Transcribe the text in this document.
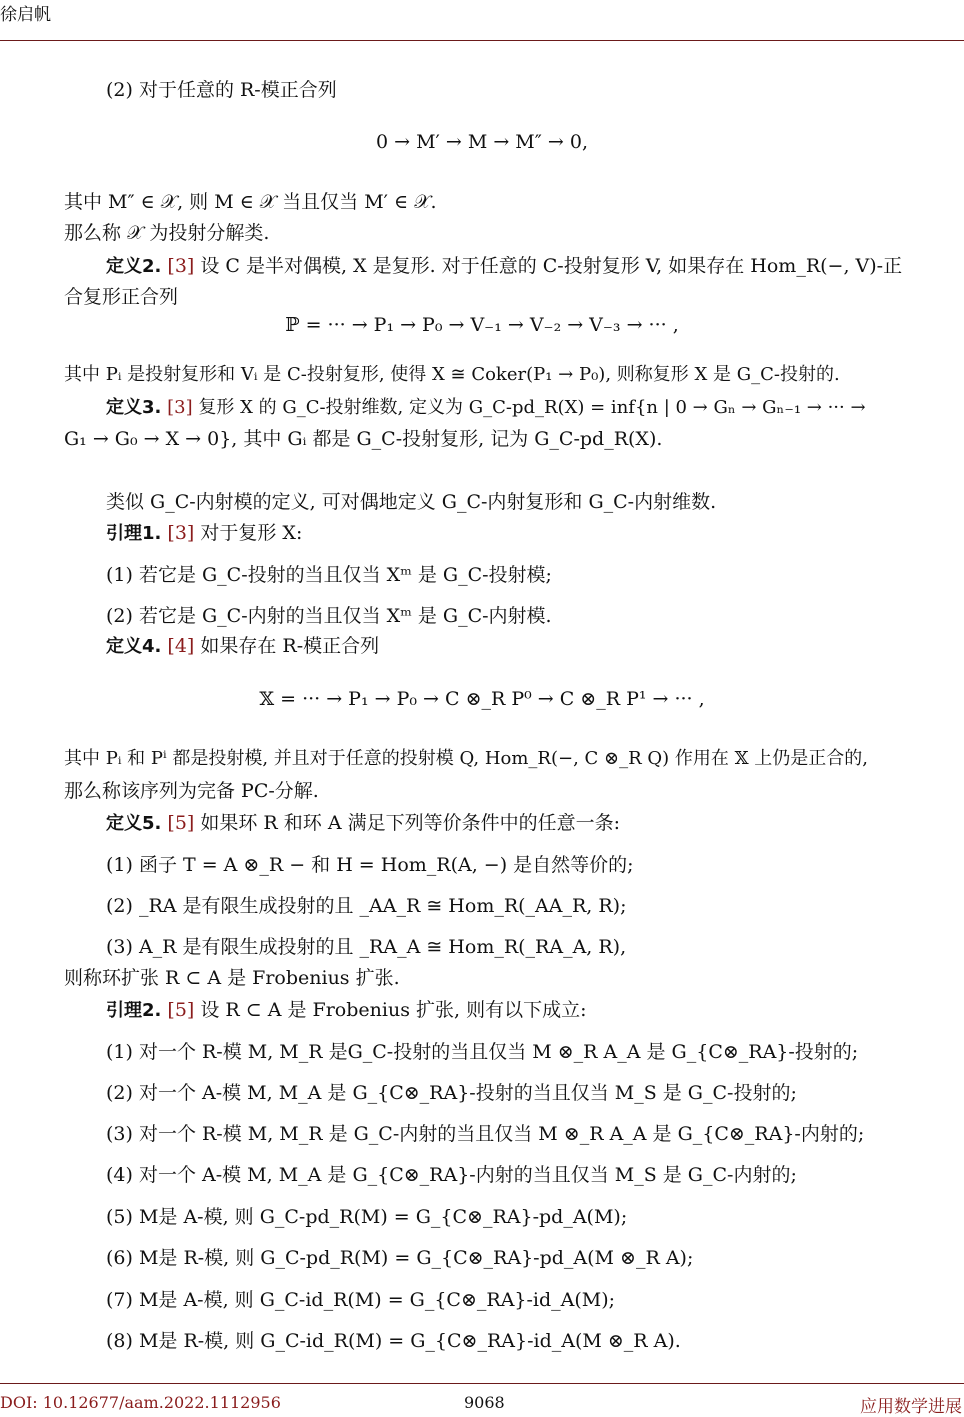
徐启帆
(2) 对于任意的 R-模正合列
0 → M′ → M → M″ → 0,
其中 M″ ∈ 𝒳, 则 M ∈ 𝒳 当且仅当 M′ ∈ 𝒳.
那么称 𝒳 为投射分解类.
定义2. [3] 设 C 是半对偶模, X 是复形. 对于任意的 C-投射复形 V, 如果存在 Hom_R(−, V)-正
合复形正合列
ℙ = ··· → P₁ → P₀ → V₋₁ → V₋₂ → V₋₃ → ··· ,
其中 Pᵢ 是投射复形和 Vᵢ 是 C-投射复形, 使得 X ≅ Coker(P₁ → P₀), 则称复形 X 是 G_C-投射的.
定义3. [3] 复形 X 的 G_C-投射维数, 定义为 G_C-pd_R(X) = inf{n | 0 → Gₙ → Gₙ₋₁ → ··· →
G₁ → G₀ → X → 0}, 其中 Gᵢ 都是 G_C-投射复形, 记为 G_C-pd_R(X).
类似 G_C-内射模的定义, 可对偶地定义 G_C-内射复形和 G_C-内射维数.
引理1. [3] 对于复形 X:
(1) 若它是 G_C-投射的当且仅当 Xᵐ 是 G_C-投射模;
(2) 若它是 G_C-内射的当且仅当 Xᵐ 是 G_C-内射模.
定义4. [4] 如果存在 R-模正合列
𝕏 = ··· → P₁ → P₀ → C ⊗_R P⁰ → C ⊗_R P¹ → ··· ,
其中 Pᵢ 和 Pⁱ 都是投射模, 并且对于任意的投射模 Q, Hom_R(−, C ⊗_R Q) 作用在 𝕏 上仍是正合的,
那么称该序列为完备 PC-分解.
定义5. [5] 如果环 R 和环 A 满足下列等价条件中的任意一条:
(1) 函子 T = A ⊗_R − 和 H = Hom_R(A, −) 是自然等价的;
(2) _RA 是有限生成投射的且 _AA_R ≅ Hom_R(_AA_R, R);
(3) A_R 是有限生成投射的且 _RA_A ≅ Hom_R(_RA_A, R),
则称环扩张 R ⊂ A 是 Frobenius 扩张.
引理2. [5] 设 R ⊂ A 是 Frobenius 扩张, 则有以下成立:
(1) 对一个 R-模 M, M_R 是G_C-投射的当且仅当 M ⊗_R A_A 是 G_{C⊗_RA}-投射的;
(2) 对一个 A-模 M, M_A 是 G_{C⊗_RA}-投射的当且仅当 M_S 是 G_C-投射的;
(3) 对一个 R-模 M, M_R 是 G_C-内射的当且仅当 M ⊗_R A_A 是 G_{C⊗_RA}-内射的;
(4) 对一个 A-模 M, M_A 是 G_{C⊗_RA}-内射的当且仅当 M_S 是 G_C-内射的;
(5) M是 A-模, 则 G_C-pd_R(M) = G_{C⊗_RA}-pd_A(M);
(6) M是 R-模, 则 G_C-pd_R(M) = G_{C⊗_RA}-pd_A(M ⊗_R A);
(7) M是 A-模, 则 G_C-id_R(M) = G_{C⊗_RA}-id_A(M);
(8) M是 R-模, 则 G_C-id_R(M) = G_{C⊗_RA}-id_A(M ⊗_R A).
DOI: 10.12677/aam.2022.1112956	9068	应用数学进展
